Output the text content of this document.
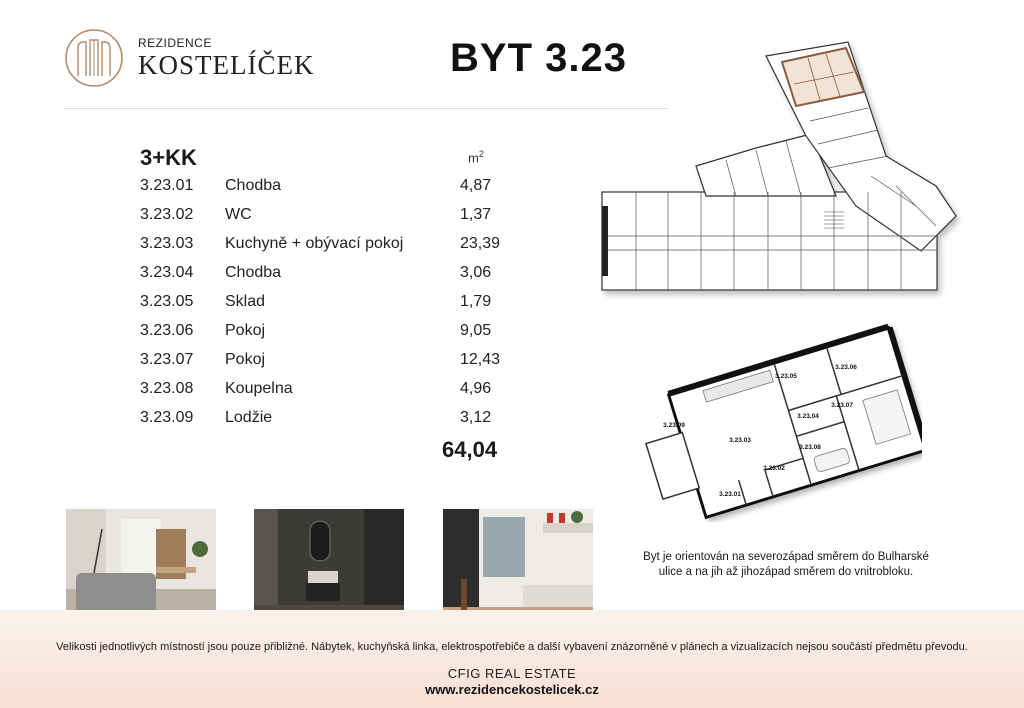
REZIDENCE
KOSTELÍČEK	BYT 3.23
3+KK	$m^2$
3.23.01 Chodba	4,87
3.23.02 WC	1,37
3.23.03 Kuchyně + obývací pokoj	23,39
3.23.04 Chodba	3,06
3.23.05 Sklad	1,79
3.23.06 Pokoj	9,05
3.23.07 Pokoj	12,43
3.23.08 Koupelna	4,96
3.23.09 Lodžie	3,12
64,04
3.23.06
3.23.05
3.23.07
3.23.04
3.23.09
3.23.03
3.23.08
3.23.02
3.23.01
Byt je orientován na severozápad směrem do Bulharské ulice a na jih až jihozápad směrem do vnitrobloku.
Velikosti jednotlivých místností jsou pouze přibližné. Nábytek, kuchyňská linka, elektrospotřebiče a další vybavení znázorněné v plánech a vizualizacích nejsou součástí předmětu převodu.
CFIG REAL ESTATE
www.rezidencekostelicek.cz
